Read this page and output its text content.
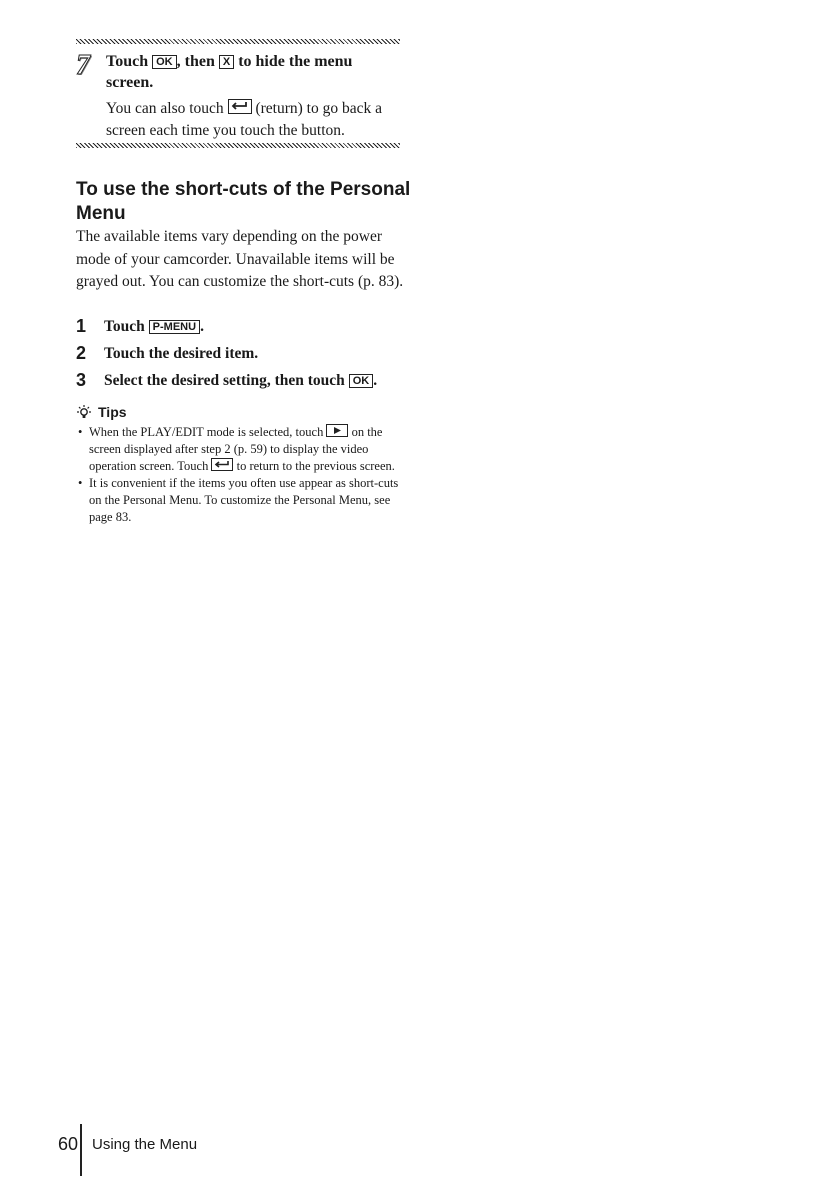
7 Touch OK , then X to hide the menu
screen.
You can also touch
(return) to go back a screen each time you touch the button.
To use the short-cuts of the Personal Menu
The available items vary depending on the power mode of your camcorder. Unavailable items will be grayed out. You can customize the short-cuts (p. 83).
1 Touch P-MENU .
2 Touch the desired item.
3 Select the desired setting, then touch OK .
Tips
• When the PLAY/EDIT mode is selected, touch
on the screen displayed after step 2 (p. 59) to display the video operation screen. Touch
to return to the previous screen.
• It is convenient if the items you often use appear as short-cuts on the Personal Menu. To customize the Personal Menu, see page 83.
60 Using the Menu
